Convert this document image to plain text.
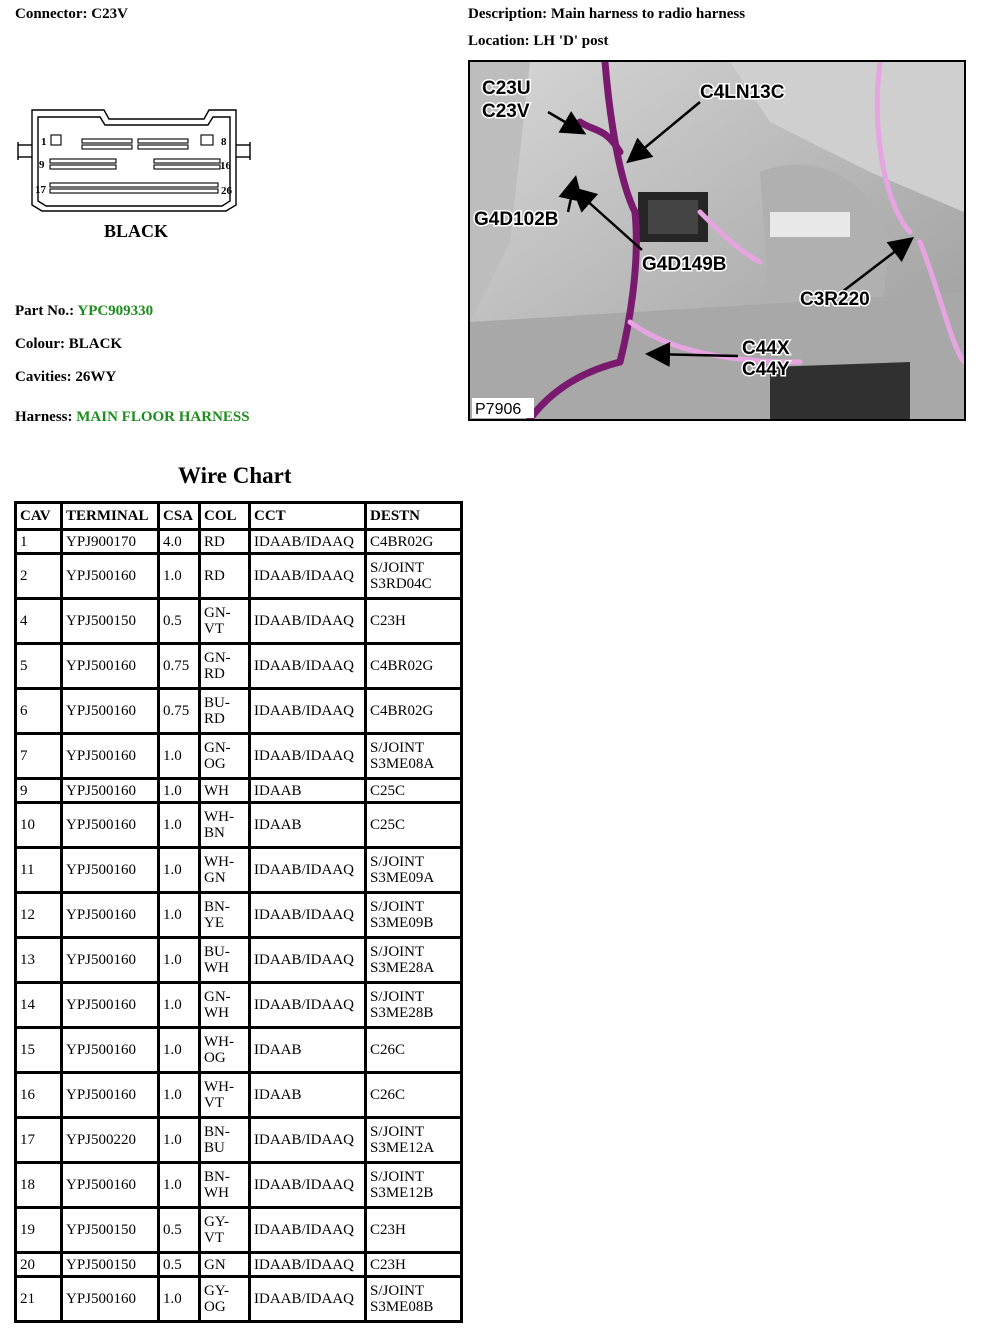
Connector: C23V	Description: Main harness to radio harness
Location: LH 'D' post
1	8
9	16
17	26
BLACK
Part No.: YPC909330
Colour: BLACK
Cavities: 26WY
Harness: MAIN FLOOR HARNESS
C23U
C23V
C4LN13C
G4D102B
G4D149B
C3R220
C44X
C44Y
P7906
Wire Chart
CAV	TERMINAL	CSA	COL	CCT	DESTN
1	YPJ900170	4.0	RD	IDAAB/IDAAQ	C4BR02G
2	YPJ500160	1.0	RD	IDAAB/IDAAQ	S/JOINT S3RD04C
4	YPJ500150	0.5	GN-VT	IDAAB/IDAAQ	C23H
5	YPJ500160	0.75	GN-RD	IDAAB/IDAAQ	C4BR02G
6	YPJ500160	0.75	BU-RD	IDAAB/IDAAQ	C4BR02G
7	YPJ500160	1.0	GN-OG	IDAAB/IDAAQ	S/JOINT S3ME08A
9	YPJ500160	1.0	WH	IDAAB	C25C
10	YPJ500160	1.0	WH-BN	IDAAB	C25C
11	YPJ500160	1.0	WH-GN	IDAAB/IDAAQ	S/JOINT S3ME09A
12	YPJ500160	1.0	BN-YE	IDAAB/IDAAQ	S/JOINT S3ME09B
13	YPJ500160	1.0	BU-WH	IDAAB/IDAAQ	S/JOINT S3ME28A
14	YPJ500160	1.0	GN-WH	IDAAB/IDAAQ	S/JOINT S3ME28B
15	YPJ500160	1.0	WH-OG	IDAAB	C26C
16	YPJ500160	1.0	WH-VT	IDAAB	C26C
17	YPJ500220	1.0	BN-BU	IDAAB/IDAAQ	S/JOINT S3ME12A
18	YPJ500160	1.0	BN-WH	IDAAB/IDAAQ	S/JOINT S3ME12B
19	YPJ500150	0.5	GY-VT	IDAAB/IDAAQ	C23H
20	YPJ500150	0.5	GN	IDAAB/IDAAQ	C23H
21	YPJ500160	1.0	GY-OG	IDAAB/IDAAQ	S/JOINT S3ME08B
